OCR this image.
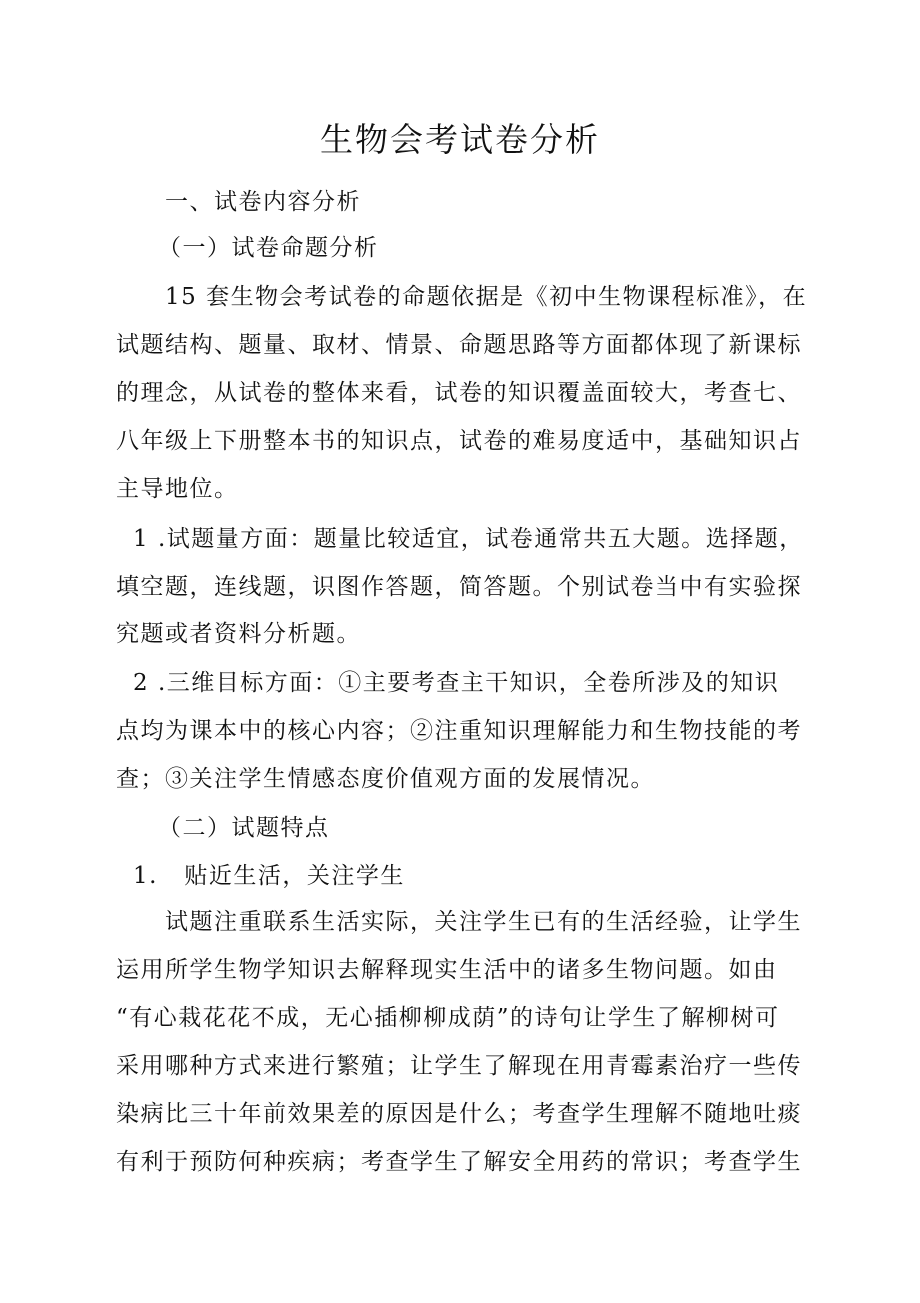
生物会考试卷分析
一、试卷内容分析
（一）试卷命题分析
15 套生物会考试卷的命题依据是《初中生物课程标准》，在
试题结构、题量、取材、情景、命题思路等方面都体现了新课标
的理念，从试卷的整体来看，试卷的知识覆盖面较大，考查七、
八年级上下册整本书的知识点，试卷的难易度适中，基础知识占
主导地位。
1 .试题量方面：题量比较适宜，试卷通常共五大题。选择题，
填空题，连线题，识图作答题，简答题。个别试卷当中有实验探
究题或者资料分析题。
2 .三维目标方面：①主要考查主干知识，全卷所涉及的知识
点均为课本中的核心内容；②注重知识理解能力和生物技能的考
查；③关注学生情感态度价值观方面的发展情况。
（二）试题特点
1.   贴近生活，关注学生
试题注重联系生活实际，关注学生已有的生活经验，让学生
运用所学生物学知识去解释现实生活中的诸多生物问题。如由
“有心栽花花不成，无心插柳柳成荫”的诗句让学生了解柳树可
采用哪种方式来进行繁殖；让学生了解现在用青霉素治疗一些传
染病比三十年前效果差的原因是什么；考查学生理解不随地吐痰
有利于预防何种疾病；考查学生了解安全用药的常识；考查学生
